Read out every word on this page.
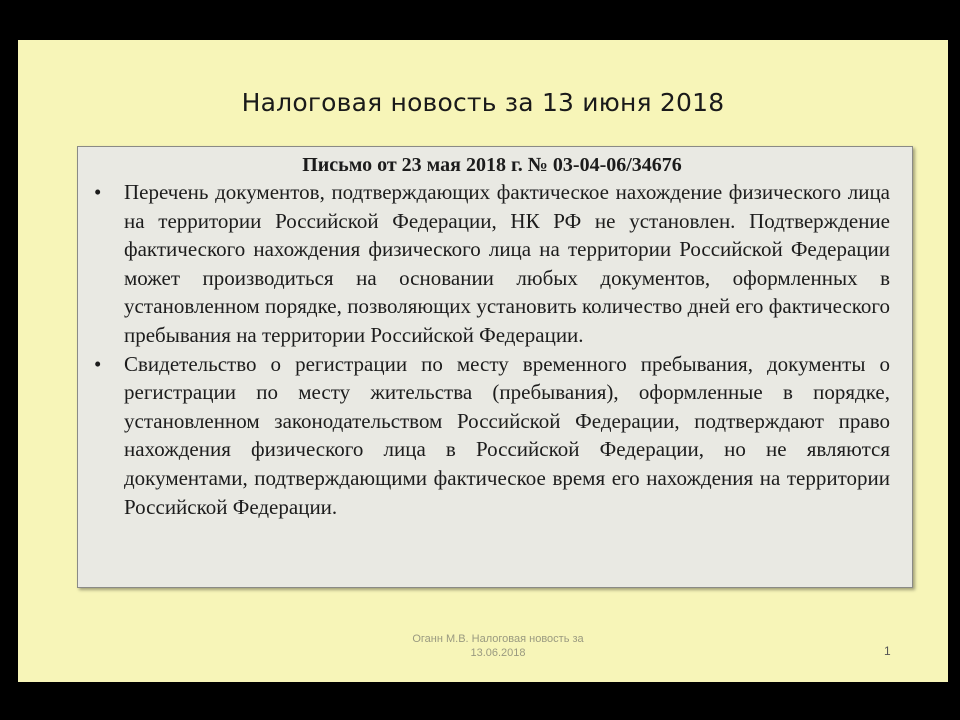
Налоговая новость за 13 июня 2018
Письмо от 23 мая 2018 г. № 03-04-06/34676
•	Перечень документов, подтверждающих фактическое нахождение физического лица на территории Российской Федерации, НК РФ не установлен. Подтверждение фактического нахождения физического лица на территории Российской Федерации может производиться на основании любых документов, оформленных в установленном порядке, позволяющих установить количество дней его фактического пребывания на территории Российской Федерации.
•	Свидетельство о регистрации по месту временного пребывания, документы о регистрации по месту жительства (пребывания), оформленные в порядке, установленном законодательством Российской Федерации, подтверждают право нахождения физического лица в Российской Федерации, но не являются документами, подтверждающими фактическое время его нахождения на территории Российской Федерации.
Оганн М.В. Налоговая новость за
13.06.2018	1
